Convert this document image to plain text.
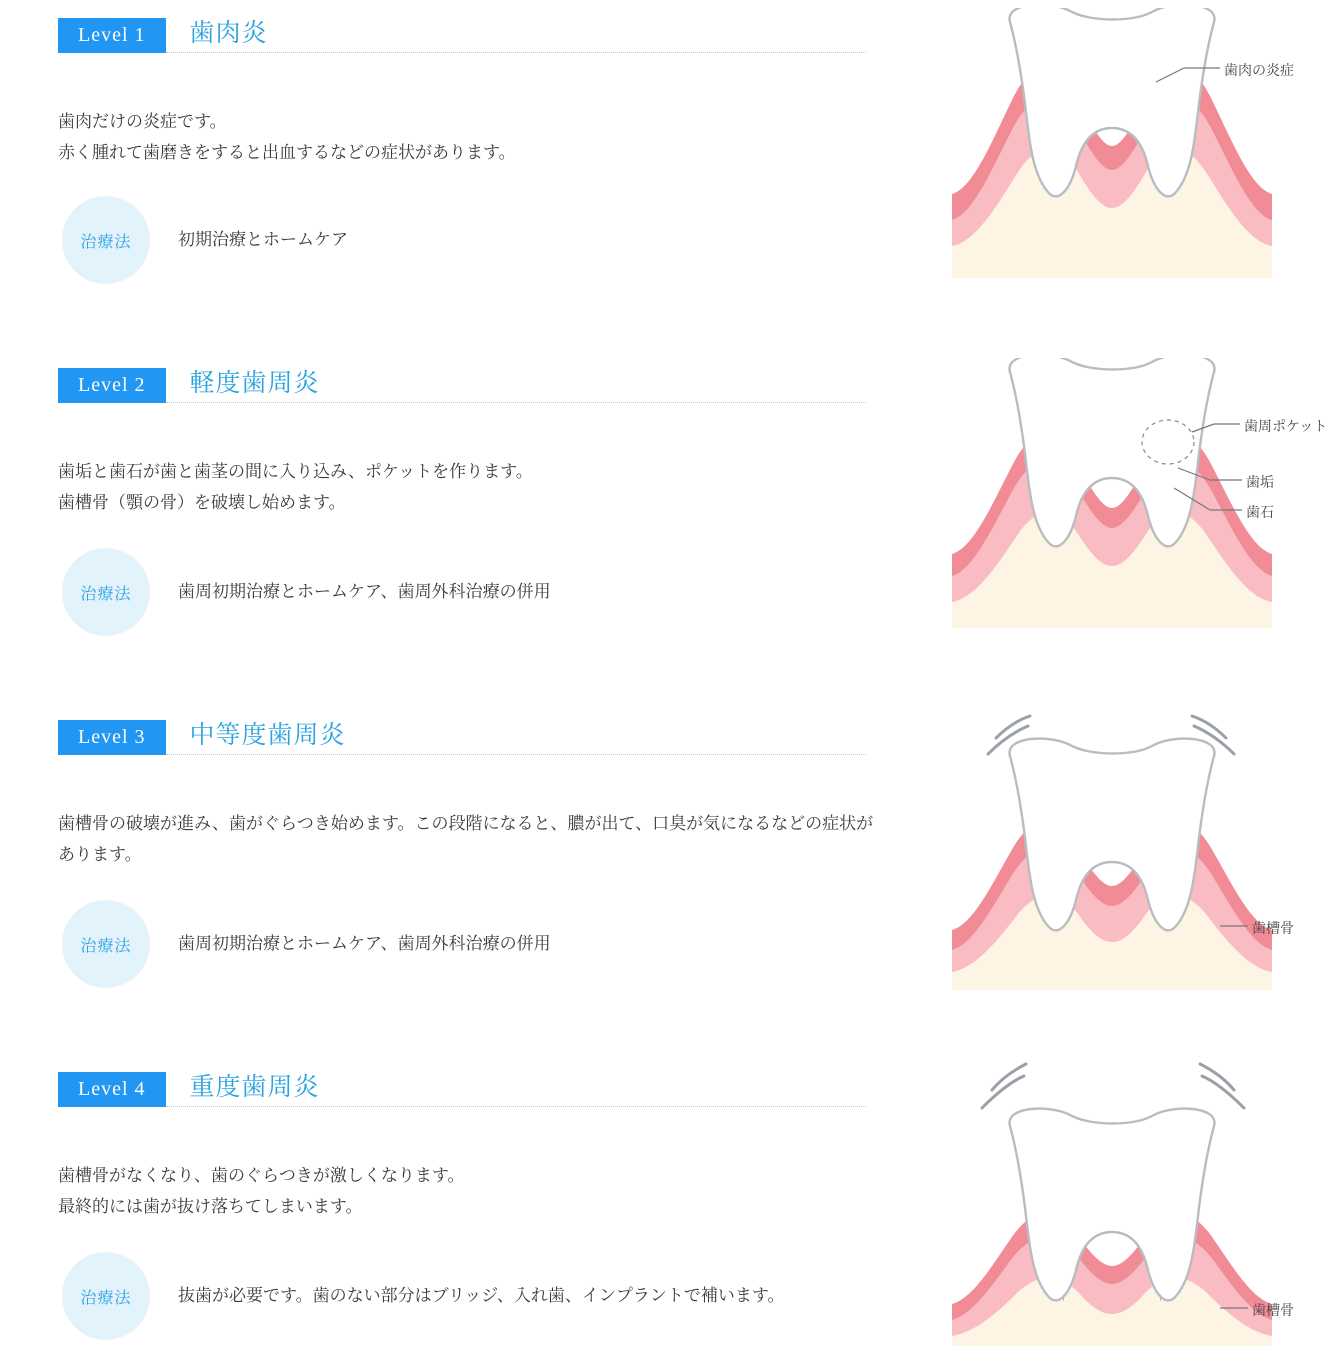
Level 1	歯肉炎
歯肉だけの炎症です。
赤く腫れて歯磨きをすると出血するなどの症状があります。
治療法	初期治療とホームケア
歯肉の炎症
Level 2	軽度歯周炎
歯垢と歯石が歯と歯茎の間に入り込み、ポケットを作ります。
歯槽骨（顎の骨）を破壊し始めます。
治療法	歯周初期治療とホームケア、歯周外科治療の併用
歯周ポケット
歯垢
歯石
Level 3	中等度歯周炎
歯槽骨の破壊が進み、歯がぐらつき始めます。この段階になると、膿が出て、口臭が気になるなどの症状があります。
治療法	歯周初期治療とホームケア、歯周外科治療の併用
歯槽骨
Level 4	重度歯周炎
歯槽骨がなくなり、歯のぐらつきが激しくなります。
最終的には歯が抜け落ちてしまいます。
治療法	抜歯が必要です。歯のない部分はブリッジ、入れ歯、インプラントで補います。
歯槽骨
